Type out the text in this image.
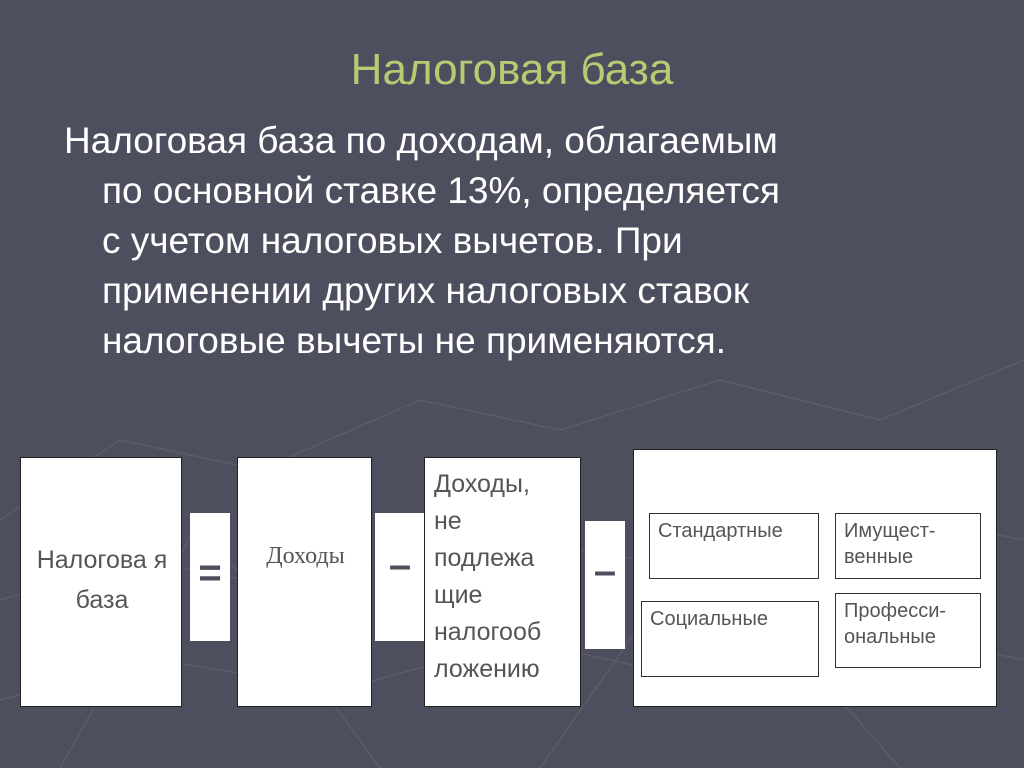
Налоговая база
Налоговая база по доходам, облагаемым
по основной ставке 13%, определяется
с учетом налоговых вычетов. При
применении других налоговых ставок
налоговые вычеты не применяются.
Налогова я база
=	Доходы	–
Доходы, не подлежа щие налогооб ложению
–
Стандартные	Имущест-венные
Социальные	Професси-ональные
